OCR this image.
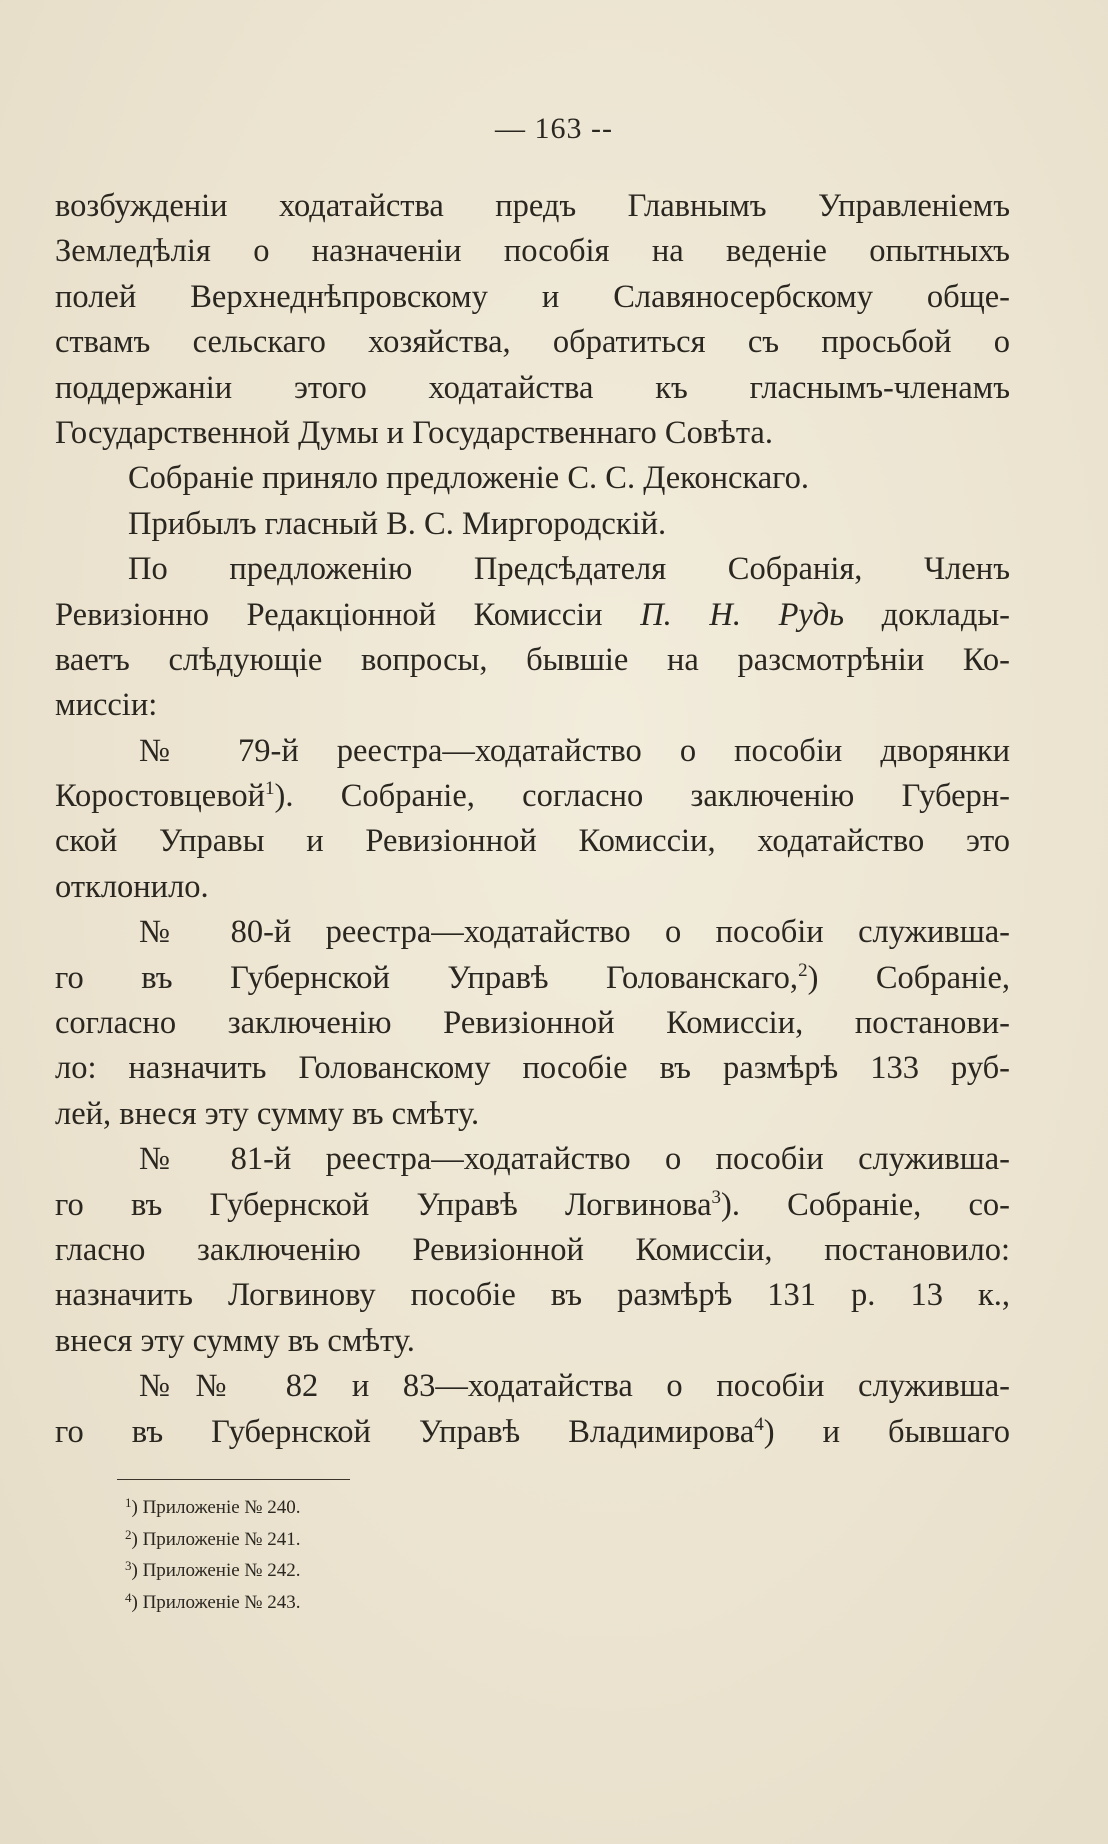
— 163 --
возбужденіи ходатайства предъ Главнымъ Управленіемъ
Земледѣлія о назначеніи пособія на веденіе опытныхъ
полей Верхнеднѣпровскому и Славяносербскому обще-
ствамъ сельскаго хозяйства, обратиться съ просьбой о
поддержаніи этого ходатайства къ гласнымъ-членамъ
Государственной Думы и Государственнаго Совѣта.
Собраніе приняло предложеніе С. С. Деконскаго.
Прибылъ гласный В. С. Миргородскій.
По предложенію Предсѣдателя Собранія, Членъ
Ревизіонно Редакціонной Комиссіи П. Н. Рудь доклады-
ваетъ слѣдующіе вопросы, бывшіе на разсмотрѣніи Ко-
миссіи:
№ 79-й реестра—ходатайство о пособіи дворянки
Коростовцевой$^1$). Собраніе, согласно заключенію Губерн-
ской Управы и Ревизіонной Комиссіи, ходатайство это
отклонило.
№ 80-й реестра—ходатайство о пособіи служивша-
го въ Губернской Управѣ Голованскаго,$^2$) Собраніе,
согласно заключенію Ревизіонной Комиссіи, постанови-
ло: назначить Голованскому пособіе въ размѣрѣ 133 руб-
лей, внеся эту сумму въ смѣту.
№ 81-й реестра—ходатайство о пособіи служивша-
го въ Губернской Управѣ Логвинова$^3$). Собраніе, со-
гласно заключенію Ревизіонной Комиссіи, постановило:
назначить Логвинову пособіе въ размѣрѣ 131 р. 13 к.,
внеся эту сумму въ смѣту.
№№ 82 и 83—ходатайства о пособіи служивша-
го въ Губернской Управѣ Владимирова$^4$) и бывшаго
$^1$) Приложеніе № 240.
$^2$) Приложеніе № 241.
$^3$) Приложеніе № 242.
$^4$) Приложеніе № 243.
